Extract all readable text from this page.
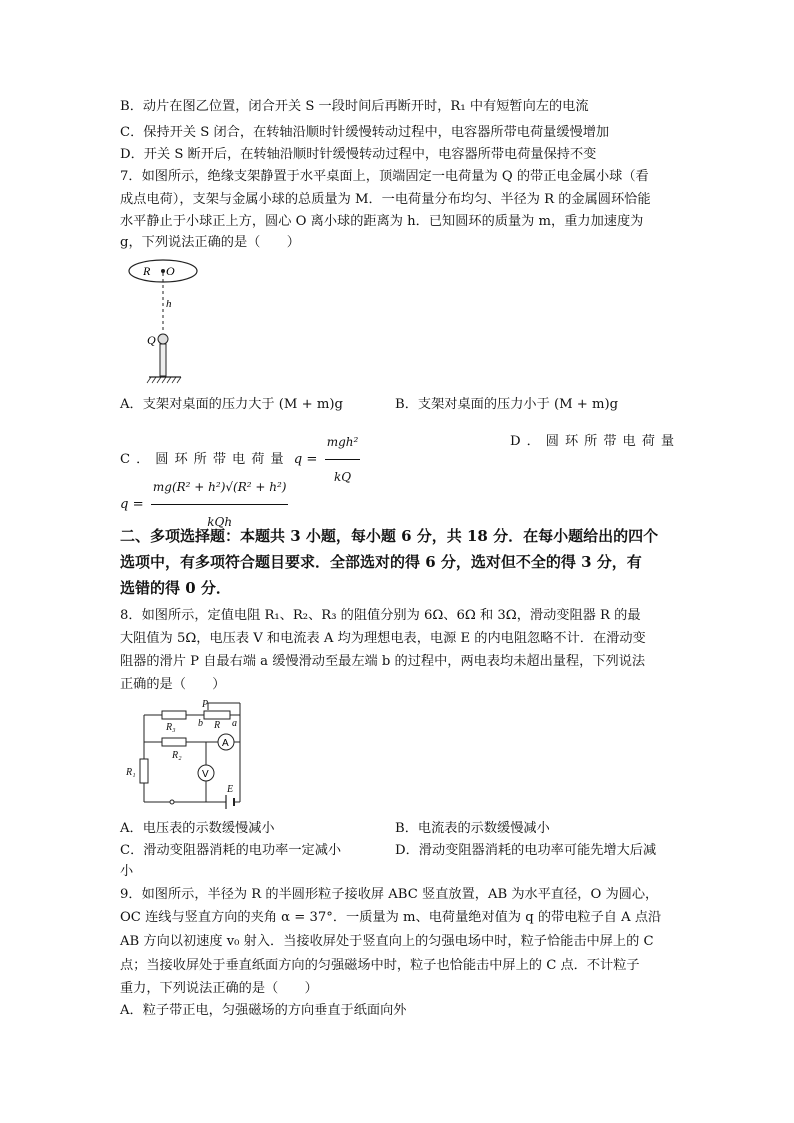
B．动片在图乙位置，闭合开关 S 一段时间后再断开时，R₁ 中有短暂向左的电流
C．保持开关 S 闭合，在转轴沿顺时针缓慢转动过程中，电容器所带电荷量缓慢增加
D．开关 S 断开后，在转轴沿顺时针缓慢转动过程中，电容器所带电荷量保持不变
7．如图所示，绝缘支架静置于水平桌面上，顶端固定一电荷量为 Q 的带正电金属小球（看
成点电荷），支架与金属小球的总质量为 M．一电荷量分布均匀、半径为 R 的金属圆环恰能
水平静止于小球正上方，圆心 O 离小球的距离为 h．已知圆环的质量为 m，重力加速度为
g，下列说法正确的是（　　）
R O
h
Q
A．支架对桌面的压力大于 (M + m)g	B．支架对桌面的压力小于 (M + m)g
C．圆环所带电荷量 $q = \frac{\text{mgh²}}{kQ}$	D．圆环所带电荷量
$q = \frac{\text{mg(R² + h²)√(R² + h²)}}{\text{kQh}}$
二、多项选择题：本题共 3 小题，每小题 6 分，共 18 分．在每小题给出的四个
选项中，有多项符合题目要求．全部选对的得 6 分，选对但不全的得 3 分，有
选错的得 0 分．
8．如图所示，定值电阻 R₁、R₂、R₃ 的阻值分别为 6Ω、6Ω 和 3Ω，滑动变阻器 R 的最
大阻值为 5Ω，电压表 V 和电流表 A 均为理想电表，电源 E 的内电阻忽略不计．在滑动变
阻器的滑片 P 自最右端 a 缓慢滑动至最左端 b 的过程中，两电表均未超出量程，下列说法
正确的是（　　）
R₃
P
b R a
R₂
R₁
E
A
V
A．电压表的示数缓慢减小	B．电流表的示数缓慢减小
C．滑动变阻器消耗的电功率一定减小	D．滑动变阻器消耗的电功率可能先增大后减
小
9．如图所示，半径为 R 的半圆形粒子接收屏 ABC 竖直放置，AB 为水平直径，O 为圆心，
OC 连线与竖直方向的夹角 α = 37°．一质量为 m、电荷量绝对值为 q 的带电粒子自 A 点沿
AB 方向以初速度 v₀ 射入．当接收屏处于竖直向上的匀强电场中时，粒子恰能击中屏上的 C
点；当接收屏处于垂直纸面方向的匀强磁场中时，粒子也恰能击中屏上的 C 点．不计粒子
重力，下列说法正确的是（　　）
A．粒子带正电，匀强磁场的方向垂直于纸面向外
